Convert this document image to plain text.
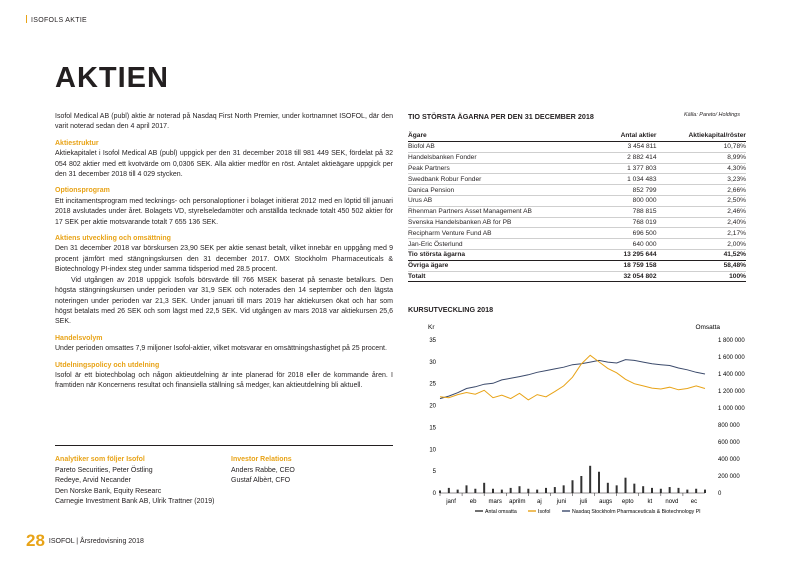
ISOFOLS AKTIE
AKTIEN

Isofol Medical AB (publ) aktie är noterad på Nasdaq First North Premier, under kortnamnet ISOFOL, där den varit noterad sedan den 4 april 2017.

Aktiestruktur

Aktiekapitalet i Isofol Medical AB (publ) uppgick per den 31 december 2018 till 981 449 SEK, fördelat på 32 054 802 aktier med ett kvotvärde om 0,0306 SEK. Alla aktier medför en röst. Antalet aktieägare uppgick per den 31 december 2018 till 4 029 stycken.

Optionsprogram

Ett incitamentsprogram med tecknings- och personaloptioner i bolaget initierat 2012 med en löptid till januari 2018 avslutades under året. Bolagets VD, styrelseledamöter och anställda tecknade totalt 450 502 aktier för 17 SEK per aktie motsvarande totalt 7 655 136 SEK.

Aktiens utveckling och omsättning

Den 31 december 2018 var börskursen 23,90 SEK per aktie senast betalt, vilket innebär en uppgång med 9 procent jämfört med stängningskursen den 31 december 2017. OMX Stockholm Pharmaceuticals & Biotechnology PI-index steg under samma tidsperiod med 28.5 procent.

Vid utgången av 2018 uppgick Isofols börsvärde till 766 MSEK baserat på senaste betalkurs. Den högsta stängningskursen under perioden var 31,9 SEK och noterades den 14 september och den lägsta noteringen under perioden var 21,3 SEK. Under januari till mars 2019 har aktiekursen ökat och har som högst betalats med 26 SEK och som lägst med 22,5 SEK. Vid utgången av mars 2018 var aktiekursen 25,6 SEK.

Handelsvolym

Under perioden omsattes 7,9 miljoner Isofol-aktier, vilket motsvarar en omsättningshastighet på 25 procent.

Utdelningspolicy och utdelning

Isofol är ett biotechbolag och någon aktieutdelning är inte planerad för 2018 eller de kommande åren. I framtiden när Koncernens resultat och finansiella ställning så medger, kan aktieutdelning bli aktuell.

Analytiker som följer Isofol
Pareto Securities, Peter Östling
Redeye, Arvid Necander
Den Norske Bank, Equity Researc
Carnegie Investment Bank AB, Ulrik Trattner (2019)
Investor Relations
Anders Rabbe, CEO
Gustaf Albèrt, CFO
28 ISOFOL | Årsredovisning 2018
TIO STÖRSTA ÄGARNA PER DEN 31 DECEMBER 2018	Källa: Pareto/ Holdings
Ägare	Antal aktier	Aktiekapital/röster
Biofol AB	3 454 811	10,78%
Handelsbanken Fonder	2 882 414	8,99%
Peak Partners	1 377 803	4,30%
Swedbank Robur Fonder	1 034 483	3,23%
Danica Pension	852 799	2,66%
Urus AB	800 000	2,50%
Rhenman Partners Asset Management AB	788 815	2,46%
Svenska Handelsbanken AB for PB	768 019	2,40%
Recipharm Venture Fund AB	696 500	2,17%
Jan-Eric Österlund	640 000	2,00%
Tio största ägarna	13 295 644	41,52%
Övriga ägare	18 759 158	58,48%
Totalt	32 054 802	100%
KURSUTVECKLING 2018
Kr	Omsatta
35
30
25
20
15
10
5
0
1 800 000
1 600 000
1 400 000
1 200 000
1 000 000
800 000
600 000
400 000
200 000
0
janf eb mars aprilm aj	juni juli augs epto kt novd ec
Antal omsatta	Isofol	Nasdaq Stockholm Pharmaceuticals & Biotechnology PI
